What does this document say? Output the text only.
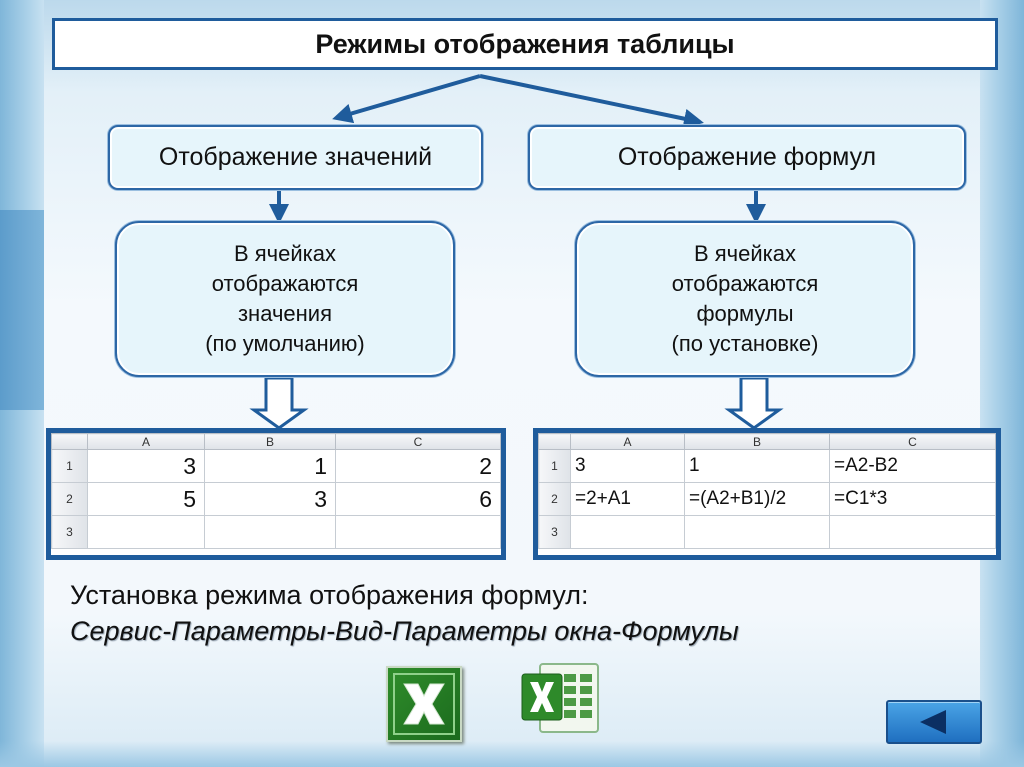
Режимы отображения таблицы
Отображение значений	Отображение формул
В ячейках
отображаются
значения
(по умолчанию)
В ячейках
отображаются
формулы
(по установке)
	A	B	C
1	3	1	2
2	5	3	6
3			
	A	B	C
1	3	1	=A2-B2
2	=2+A1	=(A2+B1)/2	=C1*3
3			
Установка режима отображения формул:
Сервис-Параметры-Вид-Параметры окна-Формулы
